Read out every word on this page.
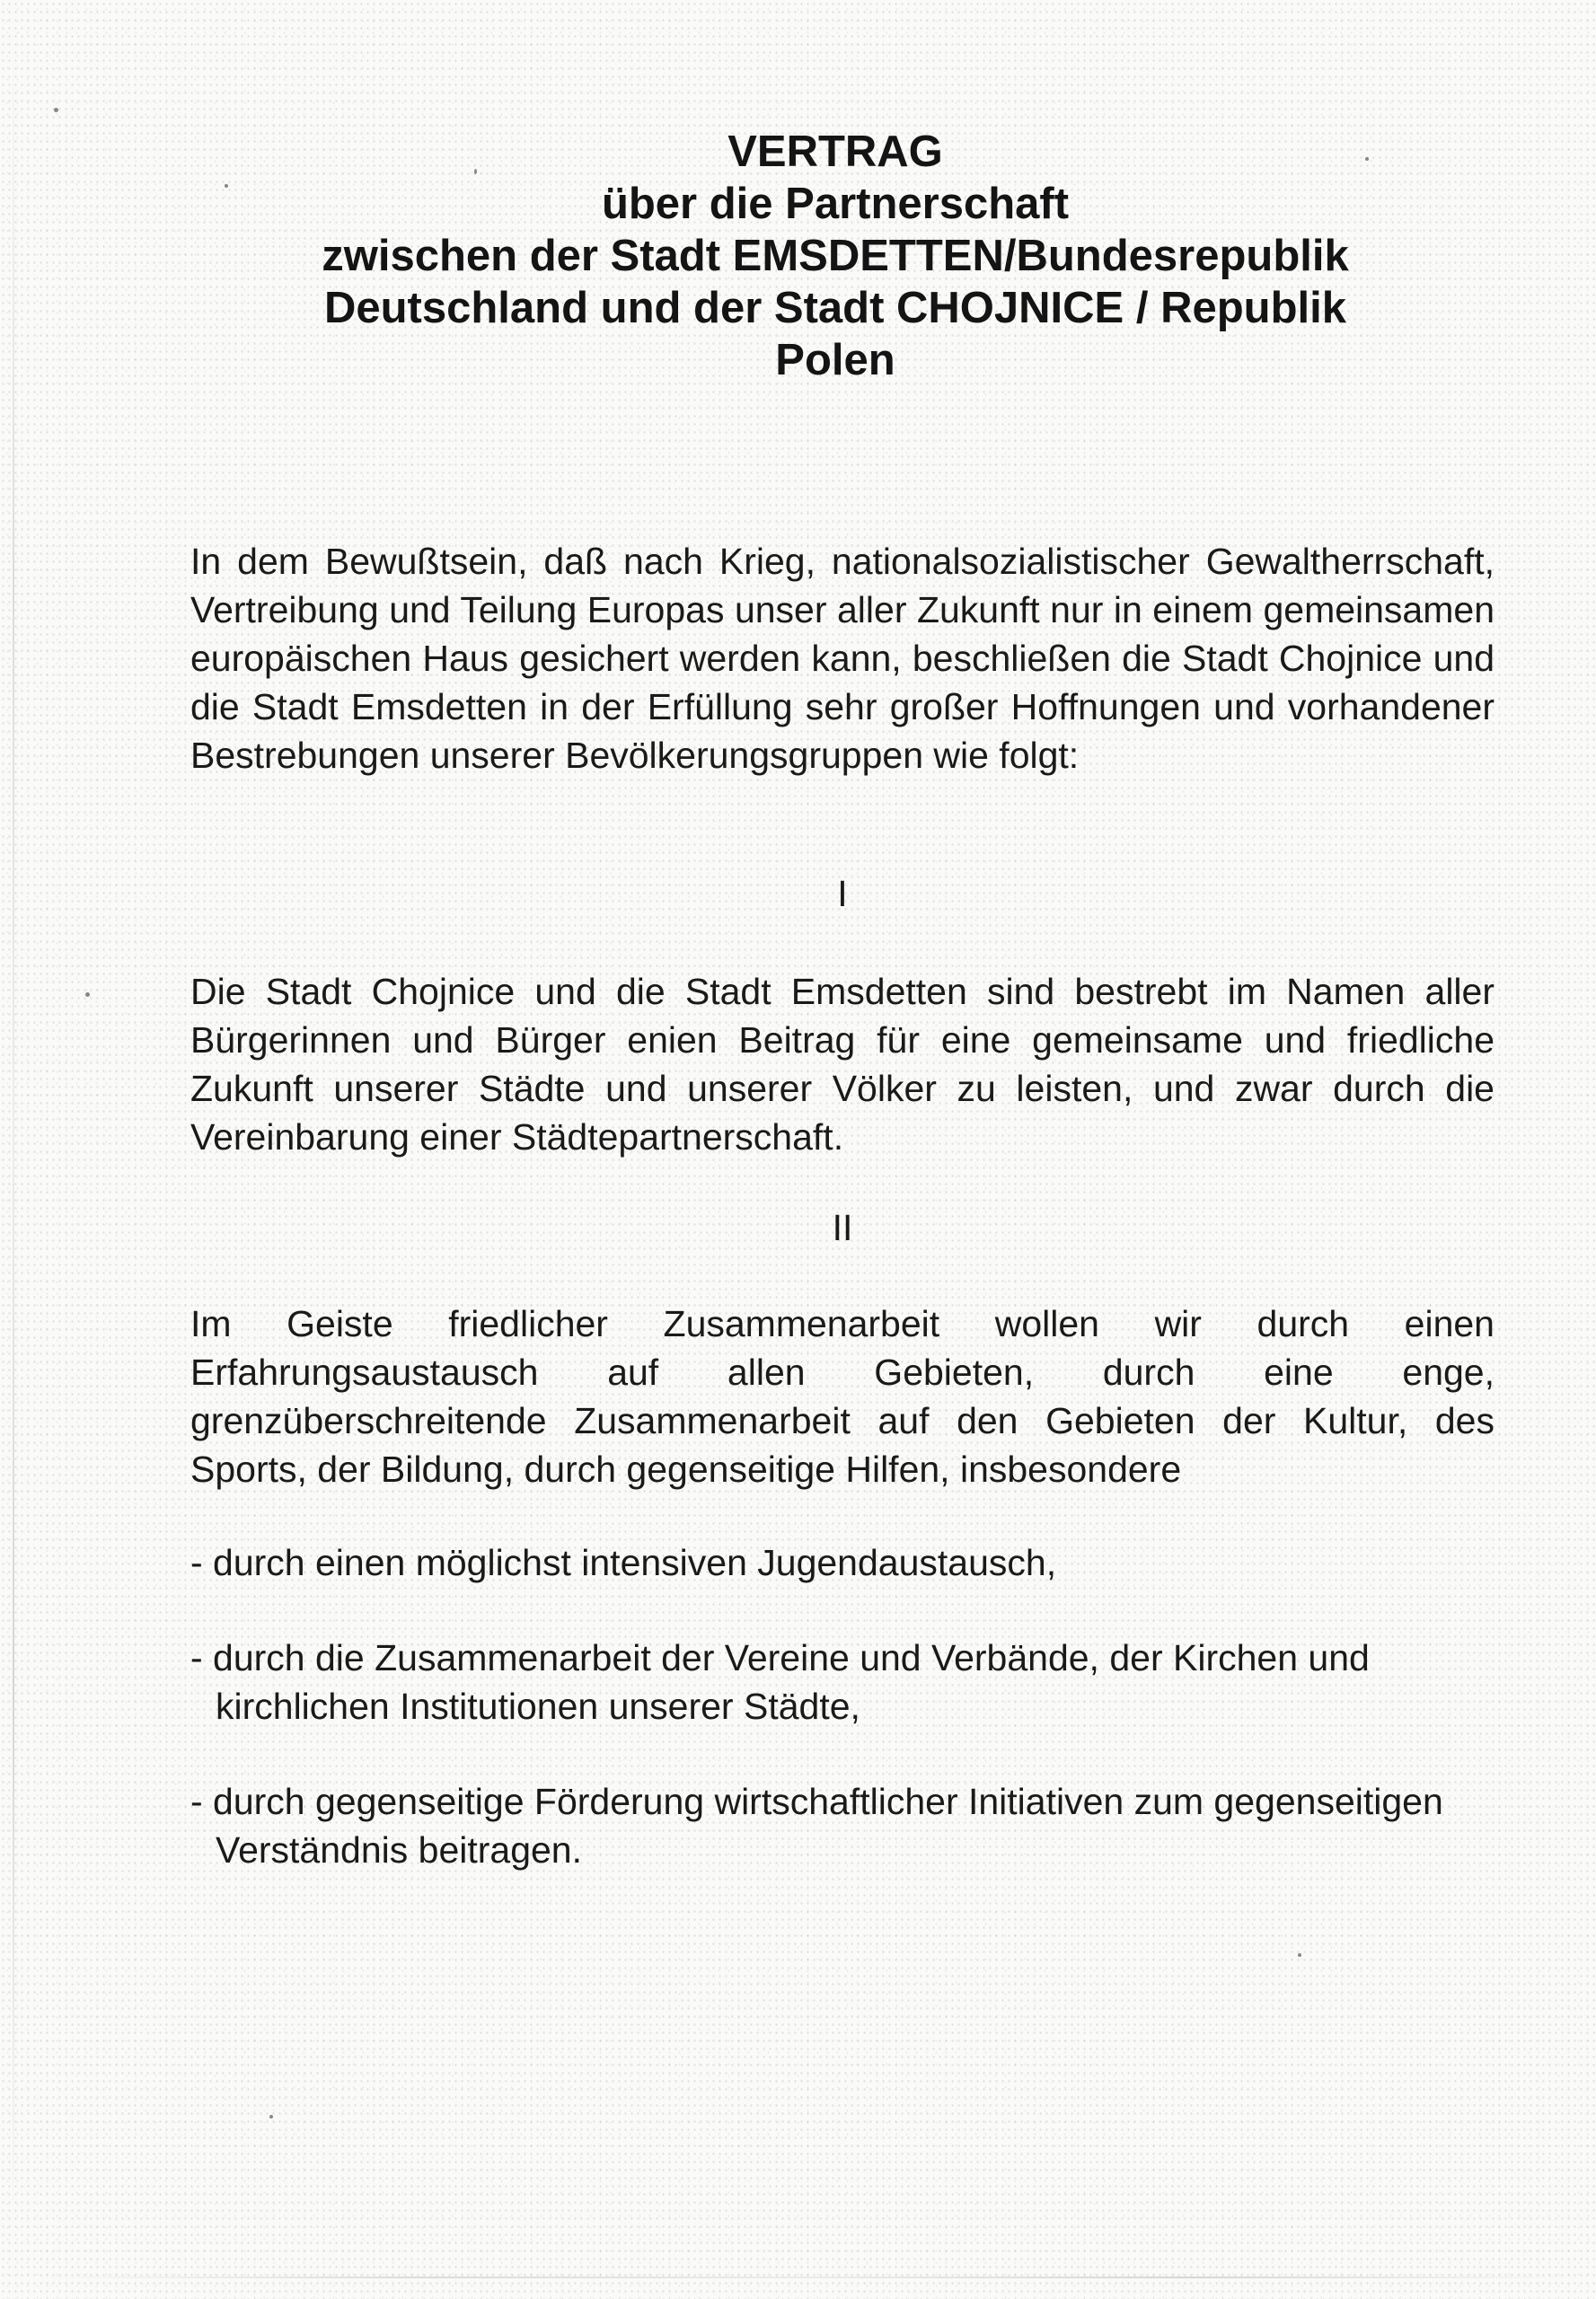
VERTRAG
über die Partnerschaft
zwischen der Stadt EMSDETTEN/Bundesrepublik
Deutschland und der Stadt CHOJNICE / Republik
Polen

In dem Bewußtsein, daß nach Krieg, nationalsozialistischer Gewaltherrschaft, Vertreibung und Teilung Europas unser aller Zukunft nur in einem gemeinsamen europäischen Haus gesichert werden kann, beschließen die Stadt Chojnice und die Stadt Emsdetten in der Erfüllung sehr großer Hoffnungen und vorhandener Bestrebungen unserer Bevölkerungsgruppen wie folgt:

I

Die Stadt Chojnice und die Stadt Emsdetten sind bestrebt im Namen aller Bürgerinnen und Bürger enien Beitrag für eine gemeinsame und friedliche Zukunft unserer Städte und unserer Völker zu leisten, und zwar durch die Vereinbarung einer Städtepartnerschaft.

II

Im Geiste friedlicher Zusammenarbeit wollen wir durch einen Erfahrungsaustausch auf allen Gebieten, durch eine enge, grenzüberschreitende Zusammenarbeit auf den Gebieten der Kultur, des Sports, der Bildung, durch gegenseitige Hilfen, insbesondere

- durch einen möglichst intensiven Jugendaustausch,

- durch die Zusammenarbeit der Vereine und Verbände, der Kirchen und kirchlichen Institutionen unserer Städte,

- durch gegenseitige Förderung wirtschaftlicher Initiativen zum gegenseitigen Verständnis beitragen.
